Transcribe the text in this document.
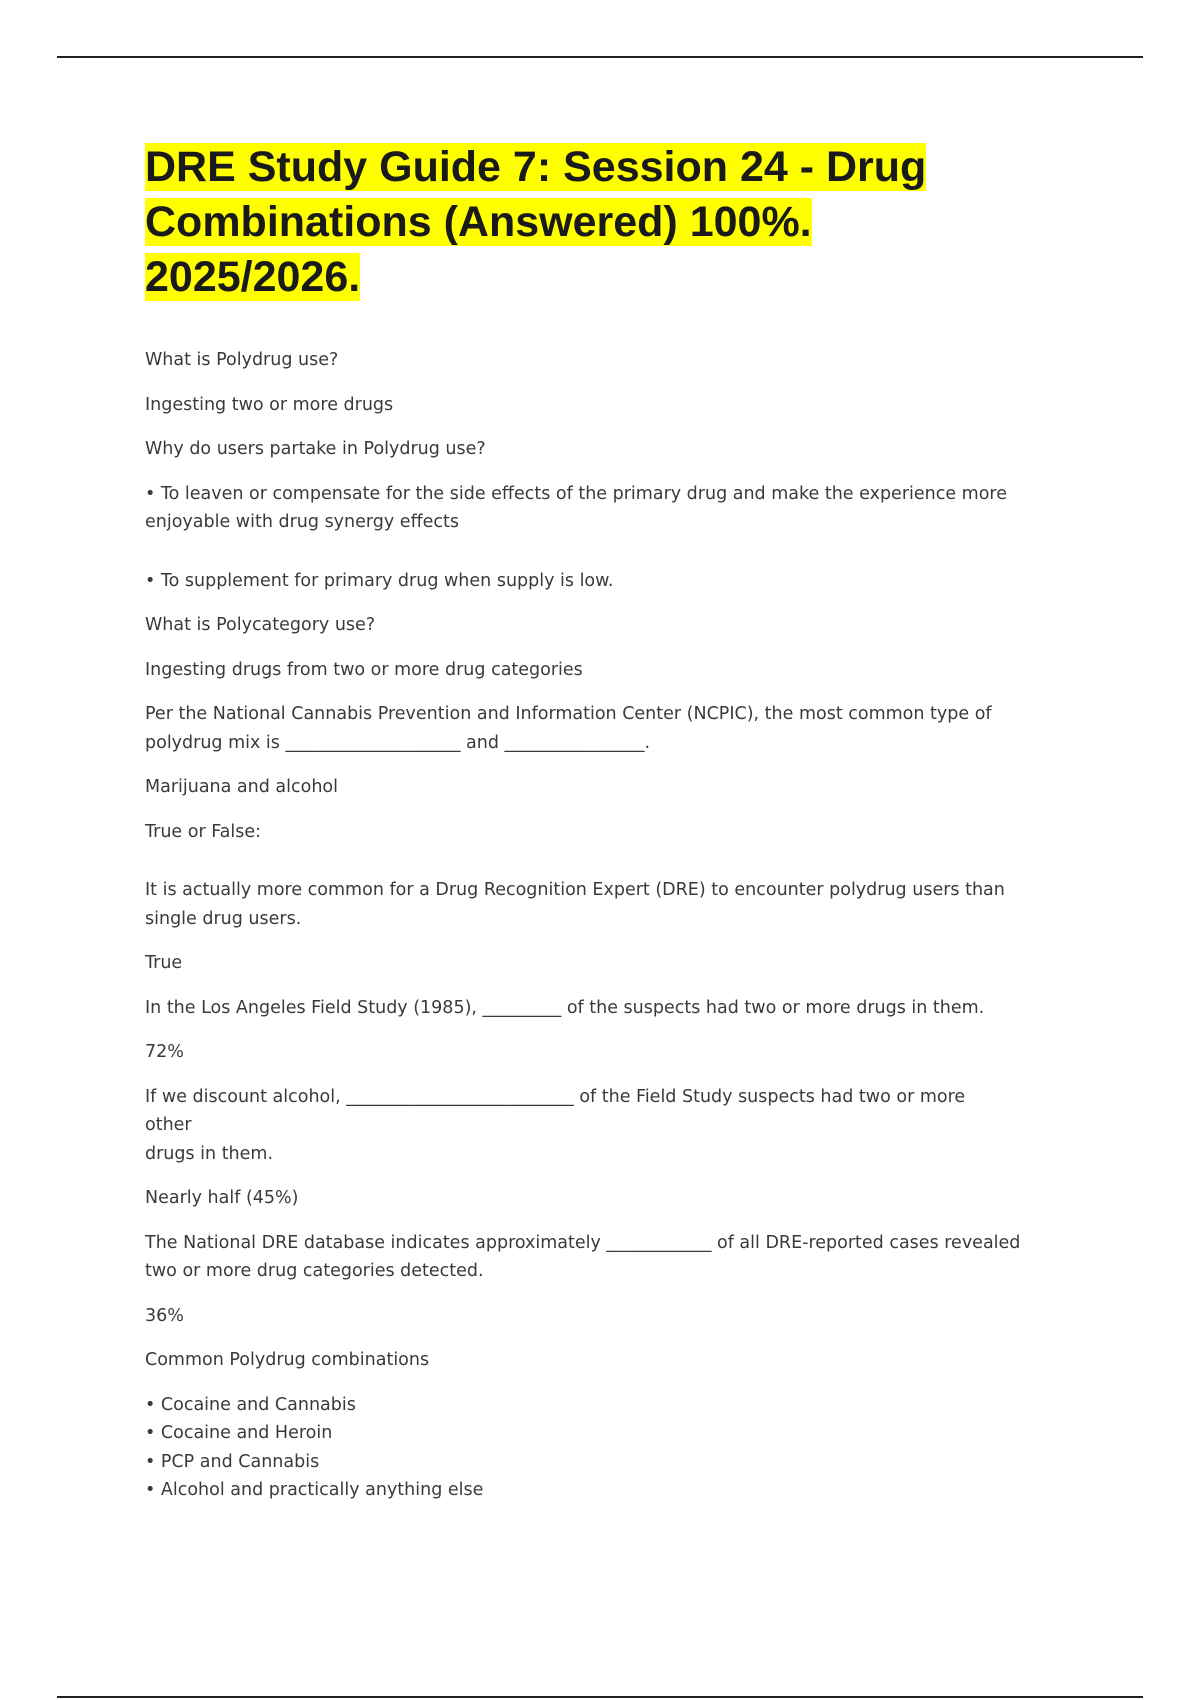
DRE Study Guide 7: Session 24 - Drug Combinations (Answered) 100%. 2025/2026.

What is Polydrug use?

Ingesting two or more drugs

Why do users partake in Polydrug use?

• To leaven or compensate for the side effects of the primary drug and make the experience more enjoyable with drug synergy effects

• To supplement for primary drug when supply is low.

What is Polycategory use?

Ingesting drugs from two or more drug categories

Per the National Cannabis Prevention and Information Center (NCPIC), the most common type of polydrug mix is ____________________ and ________________.

Marijuana and alcohol

True or False:

It is actually more common for a Drug Recognition Expert (DRE) to encounter polydrug users than single drug users.

True

In the Los Angeles Field Study (1985), _________ of the suspects had two or more drugs in them.

72%

If we discount alcohol, __________________________ of the Field Study suspects had two or more
other
drugs in them.

Nearly half (45%)

The National DRE database indicates approximately ____________ of all DRE-reported cases revealed two or more drug categories detected.

36%

Common Polydrug combinations

• Cocaine and Cannabis
• Cocaine and Heroin
• PCP and Cannabis
• Alcohol and practically anything else
